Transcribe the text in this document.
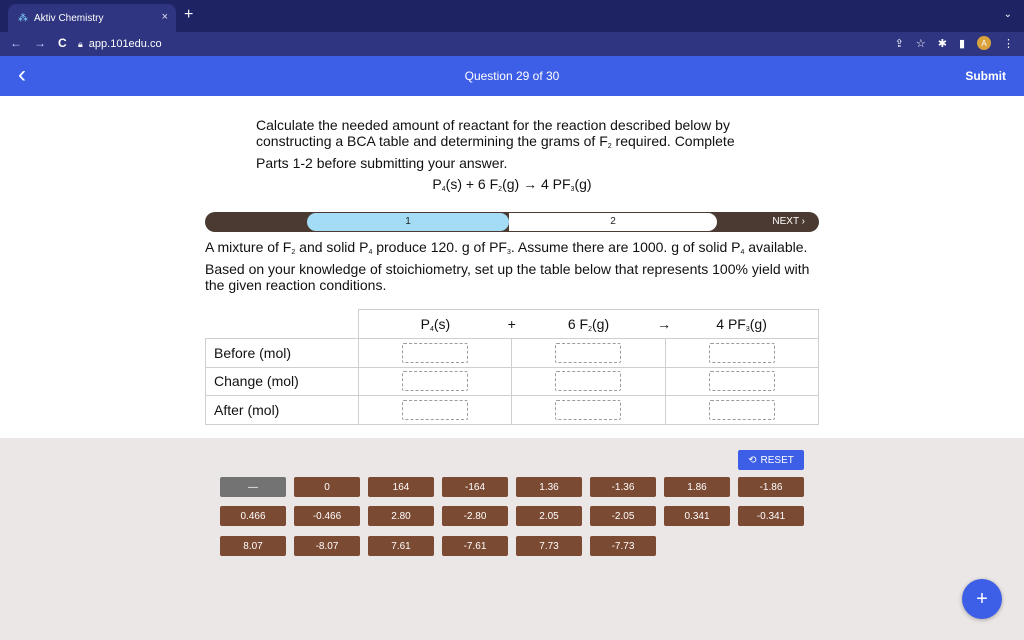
⁂ Aktiv Chemistry	× +	⌄
← → C 🔒︎ app.101edu.co	⇪ ☆ ✱ ▮	A	⋮
‹	Question 29 of 30	Submit
Calculate the needed amount of reactant for the reaction described below by constructing a BCA table and determining the grams of $F_2$ required. Complete Parts 1-2 before submitting your answer.
$P_4(s) + 6$ $F_2(g) \to 4$ $PF_3(g)$
1	2	NEXT ›
A mixture of $F_2$ and solid $P_4$ produce 120. g of $PF_3$. Assume there are 1000. g of solid $P_4$ available. Based on your knowledge of stoichiometry, set up the table below that represents 100% yield with the given reaction conditions.
	$P_4(s)$ +	6 $F_2(g)$ →	4 $PF_3(g)$
Before (mol)			
Change (mol)			
After (mol)			
⟲ RESET
—	0	164	-164	1.36	-1.36	1.86	-1.86
0.466	-0.466	2.80	-2.80	2.05	-2.05	0.341	-0.341
8.07	-8.07	7.61	-7.61	7.73	-7.73
+
